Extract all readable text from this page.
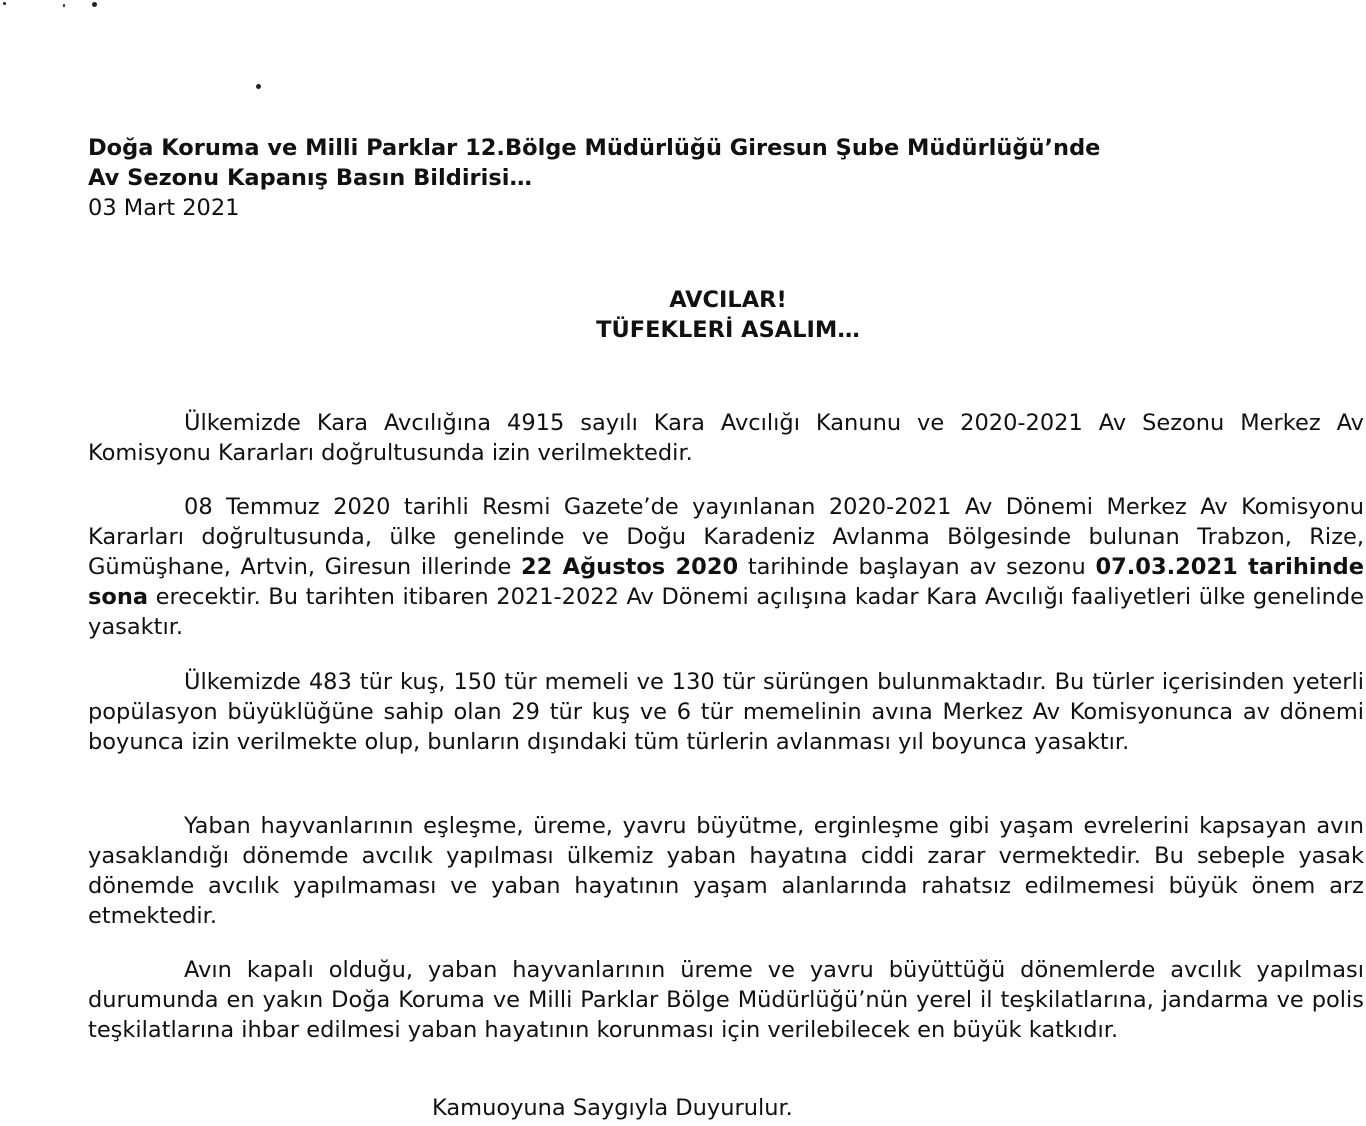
Doğa Koruma ve Milli Parklar 12.Bölge Müdürlüğü Giresun Şube Müdürlüğü’nde
Av Sezonu Kapanış Basın Bildirisi…
03 Mart 2021
AVCILAR!
TÜFEKLERİ ASALIM…
Ülkemizde Kara Avcılığına 4915 sayılı Kara Avcılığı Kanunu ve 2020-2021 Av Sezonu Merkez Av Komisyonu Kararları doğrultusunda izin verilmektedir.
08 Temmuz 2020 tarihli Resmi Gazete’de yayınlanan 2020-2021 Av Dönemi Merkez Av Komisyonu Kararları doğrultusunda, ülke genelinde ve Doğu Karadeniz Avlanma Bölgesinde bulunan Trabzon, Rize, Gümüşhane, Artvin, Giresun illerinde 22 Ağustos 2020 tarihinde başlayan av sezonu 07.03.2021 tarihinde sona erecektir. Bu tarihten itibaren 2021-2022 Av Dönemi açılışına kadar Kara Avcılığı faaliyetleri ülke genelinde yasaktır.
Ülkemizde 483 tür kuş, 150 tür memeli ve 130 tür sürüngen bulunmaktadır. Bu türler içerisinden yeterli popülasyon büyüklüğüne sahip olan 29 tür kuş ve 6 tür memelinin avına Merkez Av Komisyonunca av dönemi boyunca izin verilmekte olup, bunların dışındaki tüm türlerin avlanması yıl boyunca yasaktır.
Yaban hayvanlarının eşleşme, üreme, yavru büyütme, erginleşme gibi yaşam evrelerini kapsayan avın yasaklandığı dönemde avcılık yapılması ülkemiz yaban hayatına ciddi zarar vermektedir. Bu sebeple yasak dönemde avcılık yapılmaması ve yaban hayatının yaşam alanlarında rahatsız edilmemesi büyük önem arz etmektedir.
Avın kapalı olduğu, yaban hayvanlarının üreme ve yavru büyüttüğü dönemlerde avcılık yapılması durumunda en yakın Doğa Koruma ve Milli Parklar Bölge Müdürlüğü’nün yerel il teşkilatlarına, jandarma ve polis teşkilatlarına ihbar edilmesi yaban hayatının korunması için verilebilecek en büyük katkıdır.
Kamuoyuna Saygıyla Duyurulur.
